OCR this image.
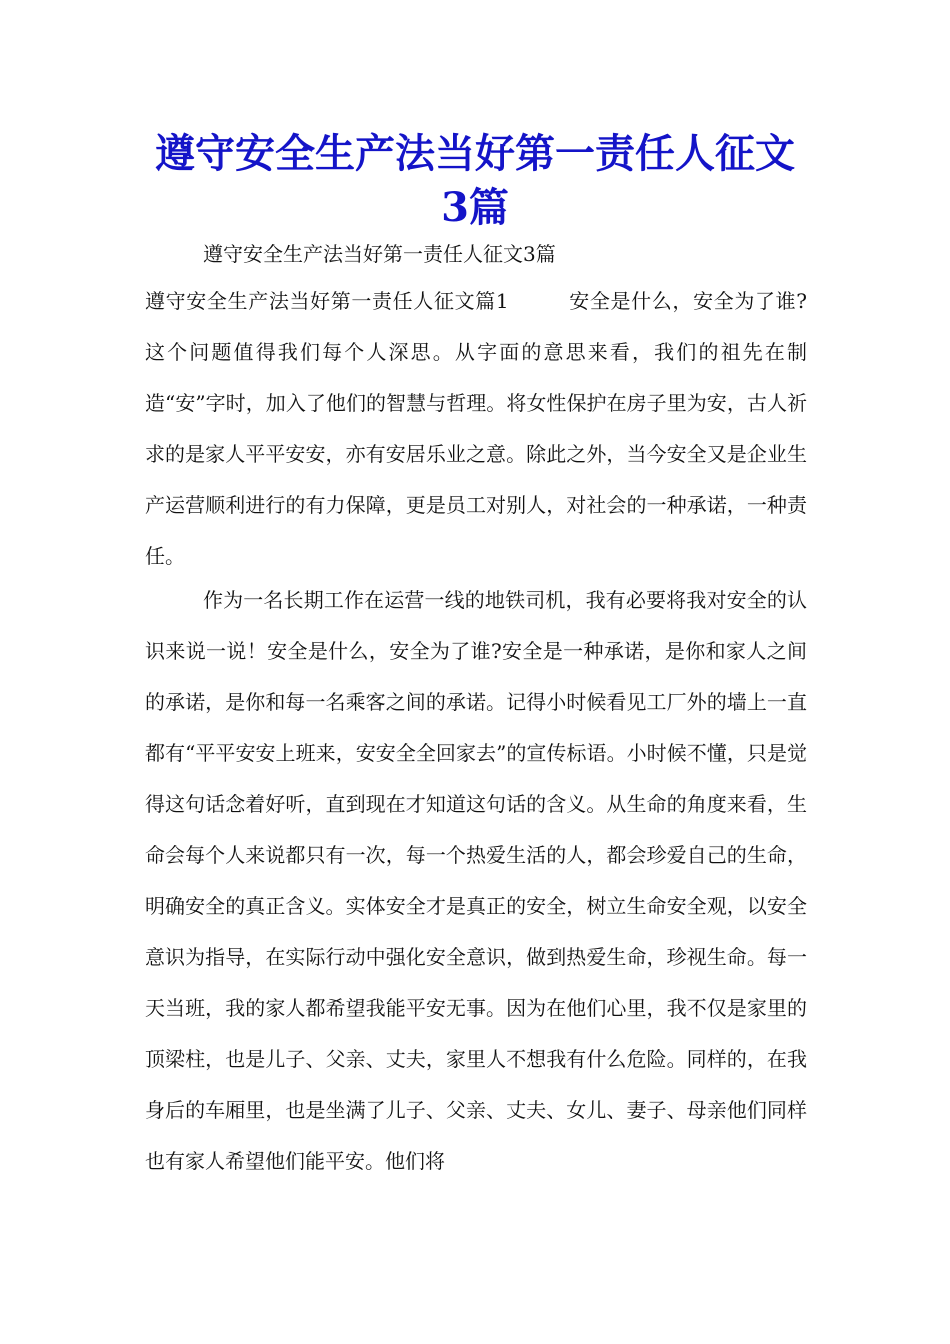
遵守安全生产法当好第一责任人征文3篇

遵守安全生产法当好第一责任人征文3篇

遵守安全生产法当好第一责任人征文篇1	安全是什么，安全为了谁?这个问题值得我们每个人深思。从字面的意思来看，我们的祖先在制造“安”字时，加入了他们的智慧与哲理。将女性保护在房子里为安，古人祈求的是家人平平安安，亦有安居乐业之意。除此之外，当今安全又是企业生产运营顺利进行的有力保障，更是员工对别人，对社会的一种承诺，一种责任。

作为一名长期工作在运营一线的地铁司机，我有必要将我对安全的认识来说一说！安全是什么，安全为了谁?安全是一种承诺，是你和家人之间的承诺，是你和每一名乘客之间的承诺。记得小时候看见工厂外的墙上一直都有“平平安安上班来，安安全全回家去”的宣传标语。小时候不懂，只是觉得这句话念着好听，直到现在才知道这句话的含义。从生命的角度来看，生命会每个人来说都只有一次，每一个热爱生活的人，都会珍爱自己的生命，明确安全的真正含义。实体安全才是真正的安全，树立生命安全观，以安全意识为指导，在实际行动中强化安全意识，做到热爱生命，珍视生命。每一天当班，我的家人都希望我能平安无事。因为在他们心里，我不仅是家里的顶梁柱，也是儿子、父亲、丈夫，家里人不想我有什么危险。同样的，在我身后的车厢里，也是坐满了儿子、父亲、丈夫、女儿、妻子、母亲他们同样也有家人希望他们能平安。他们将
